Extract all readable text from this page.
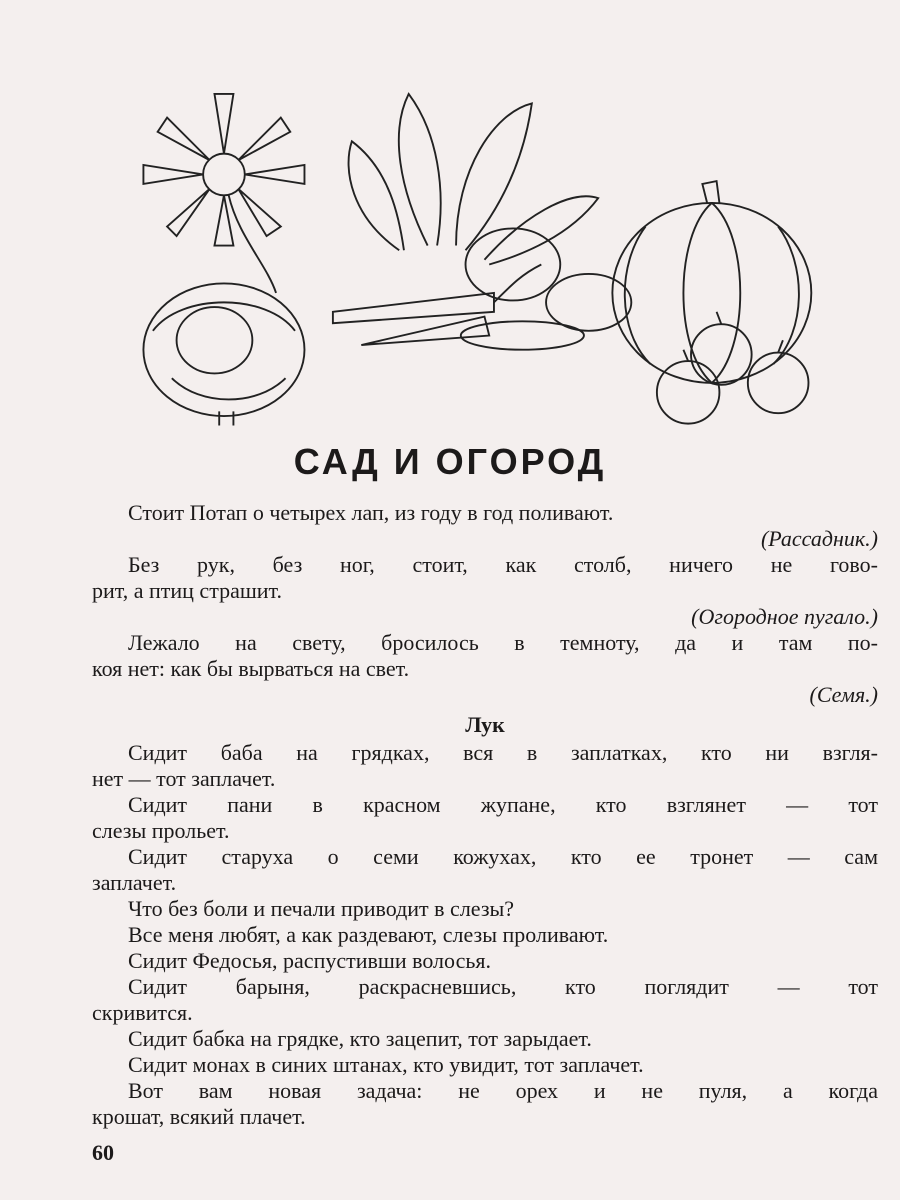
САД И ОГОРОД
Стоит Потап о четырех лап, из году в год поливают.
(Рассадник.)
Без рук, без ног, стоит, как столб, ничего не гово-
рит, а птиц страшит.
(Огородное пугало.)
Лежало на свету, бросилось в темноту, да и там по-
коя нет: как бы вырваться на свет.
(Семя.)
Лук
Сидит баба на грядках, вся в заплатках, кто ни взгля-
нет — тот заплачет.
Сидит пани в красном жупане, кто взглянет — тот
слезы прольет.
Сидит старуха о семи кожухах, кто ее тронет — сам
заплачет.
Что без боли и печали приводит в слезы?
Все меня любят, а как раздевают, слезы проливают.
Сидит Федосья, распустивши волосья.
Сидит барыня, раскрасневшись, кто поглядит — тот
скривится.
Сидит бабка на грядке, кто зацепит, тот зарыдает.
Сидит монах в синих штанах, кто увидит, тот заплачет.
Вот вам новая задача: не орех и не пуля, а когда
крошат, всякий плачет.
60
